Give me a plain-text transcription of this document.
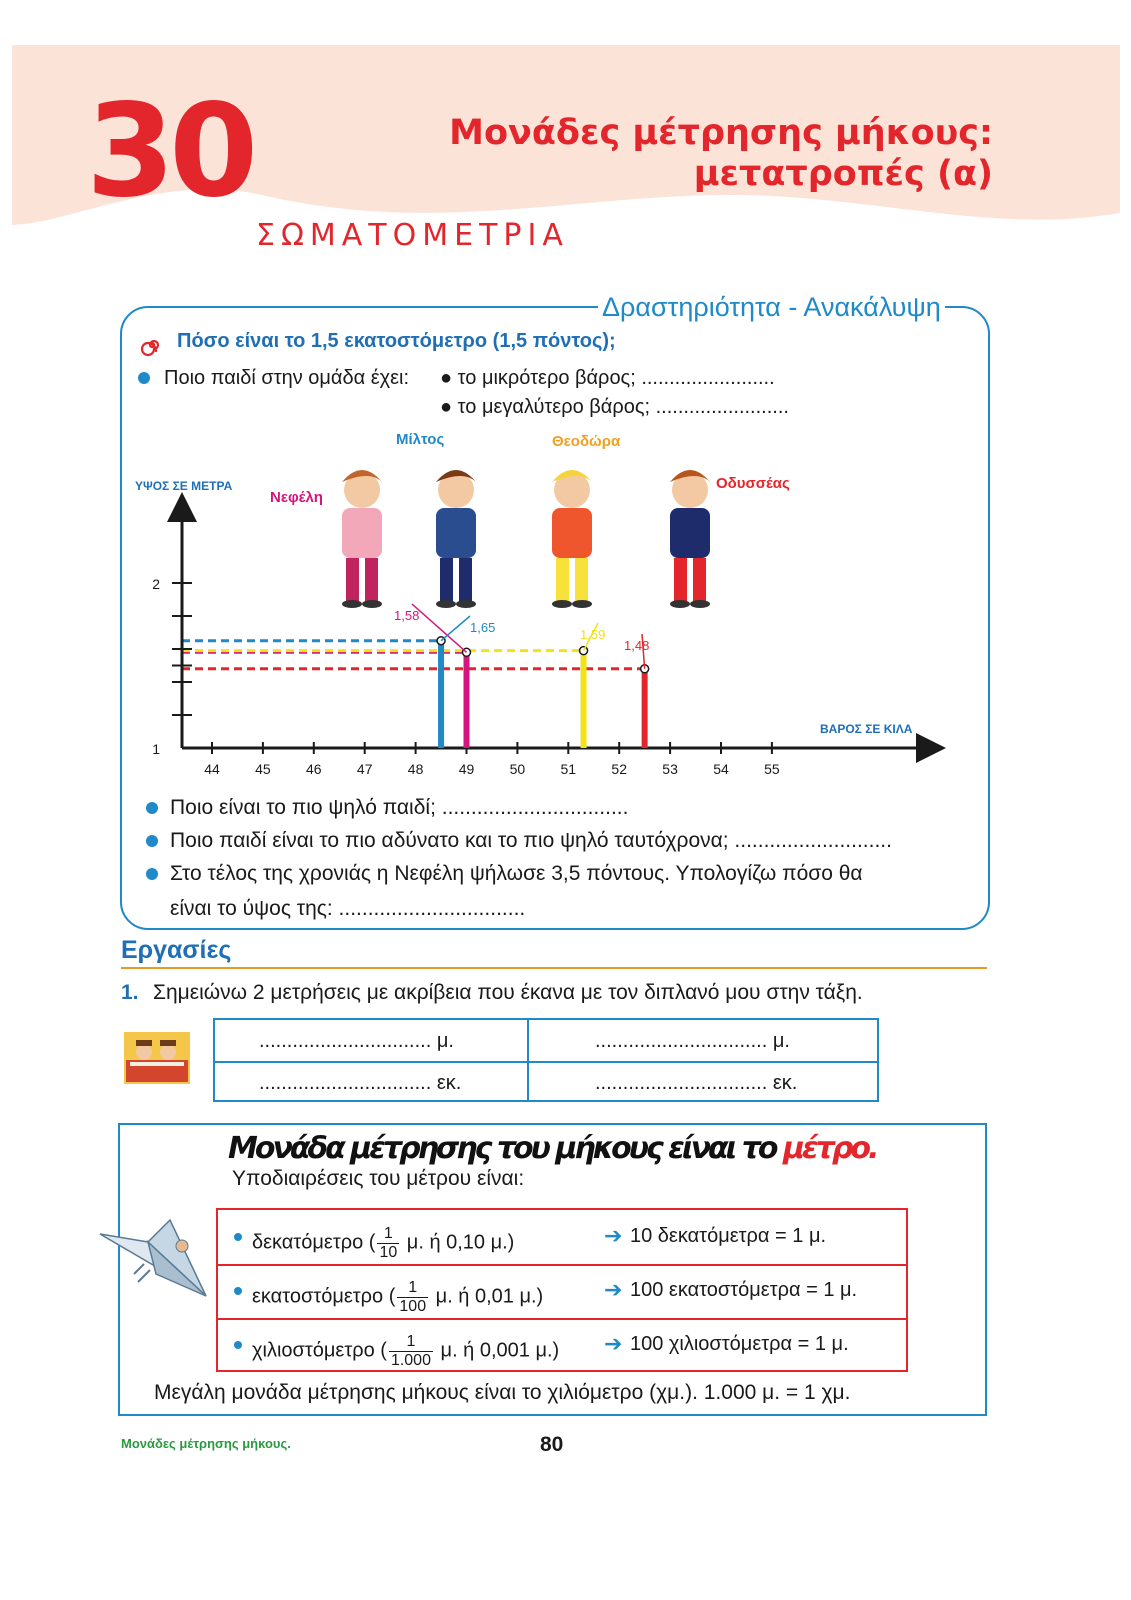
30	Μονάδες μέτρησης μήκους:
μετατροπές (α)
ΣΩΜΑΤΟΜΕΤΡΙΑ
Δραστηριότητα - Ανακάλυψη
Πόσο είναι το 1,5 εκατοστόμετρο (1,5 πόντος);
Ποιο παιδί στην ομάδα έχει: ● το μικρότερο βάρος; ........................
● το μεγαλύτερο βάρος; ........................
Νεφέλη
Μίλτος	Θεοδώρα
Οδυσσέας
44	45	46	47	48	49	50	51	52	53	54	55
1
2
1,58
1,65	1,59
1,48
ΥΨΟΣ ΣΕ ΜΕΤΡΑ
ΒΑΡΟΣ ΣΕ ΚΙΛΑ
Ποιο είναι το πιο ψηλό παιδί; ................................
Ποιο παιδί είναι το πιο αδύνατο και το πιο ψηλό ταυτόχρονα; ...........................
Στο τέλος της χρονιάς η Νεφέλη ψήλωσε 3,5 πόντους. Υπολογίζω πόσο θα
είναι το ύψος της: ................................
Εργασίες
1. Σημειώνω 2 μετρήσεις με ακρίβεια που έκανα με τον διπλανό μου στην τάξη.
............................... μ.	............................... μ.
............................... εκ.	............................... εκ.
Μονάδα μέτρησης του μήκους είναι το μέτρο.
Υποδιαιρέσεις του μέτρου είναι:
δεκατόμετρο ( $\frac{1}{10} \mu$. ή 0,10 μ.)	➔ 10 δεκατόμετρα = 1 μ.
εκατοστόμετρο ( $\frac{1}{100} \mu$. ή 0,01 μ.)	➔ 100 εκατοστόμετρα = 1 μ.
χιλιοστόμετρο ( $\frac{1}{1.000} \mu$. ή 0,001 μ.) ➔ 100 χιλιοστόμετρα = 1 μ.
Μεγάλη μονάδα μέτρησης μήκους είναι το χιλιόμετρο (χμ.). 1.000 μ. = 1 χμ.
Μονάδες μέτρησης μήκους.	80
